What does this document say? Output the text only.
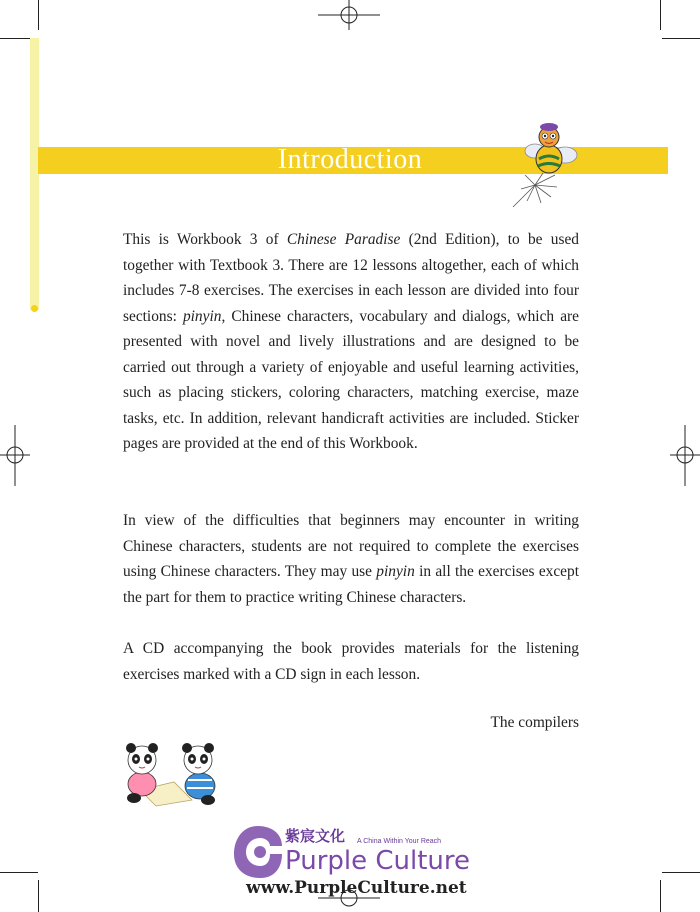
Introduction
This is Workbook 3 of Chinese Paradise (2nd Edition), to be used together with Textbook 3. There are 12 lessons altogether, each of which includes 7-8 exercises. The exercises in each lesson are divided into four sections: pinyin, Chinese characters, vocabulary and dialogs, which are presented with novel and lively illustrations and are designed to be carried out through a variety of enjoyable and useful learning activities, such as placing stickers, coloring characters, matching exercise, maze tasks, etc. In addition, relevant handicraft activities are included. Sticker pages are provided at the end of this Workbook.
In view of the difficulties that beginners may encounter in writing Chinese characters, students are not required to complete the exercises using Chinese characters. They may use pinyin in all the exercises except the part for them to practice writing Chinese characters.
A CD accompanying the book provides materials for the listening exercises marked with a CD sign in each lesson.
The compilers
紫宸文化 A China Within Your Reach
Purple Culture
www.PurpleCulture.net
